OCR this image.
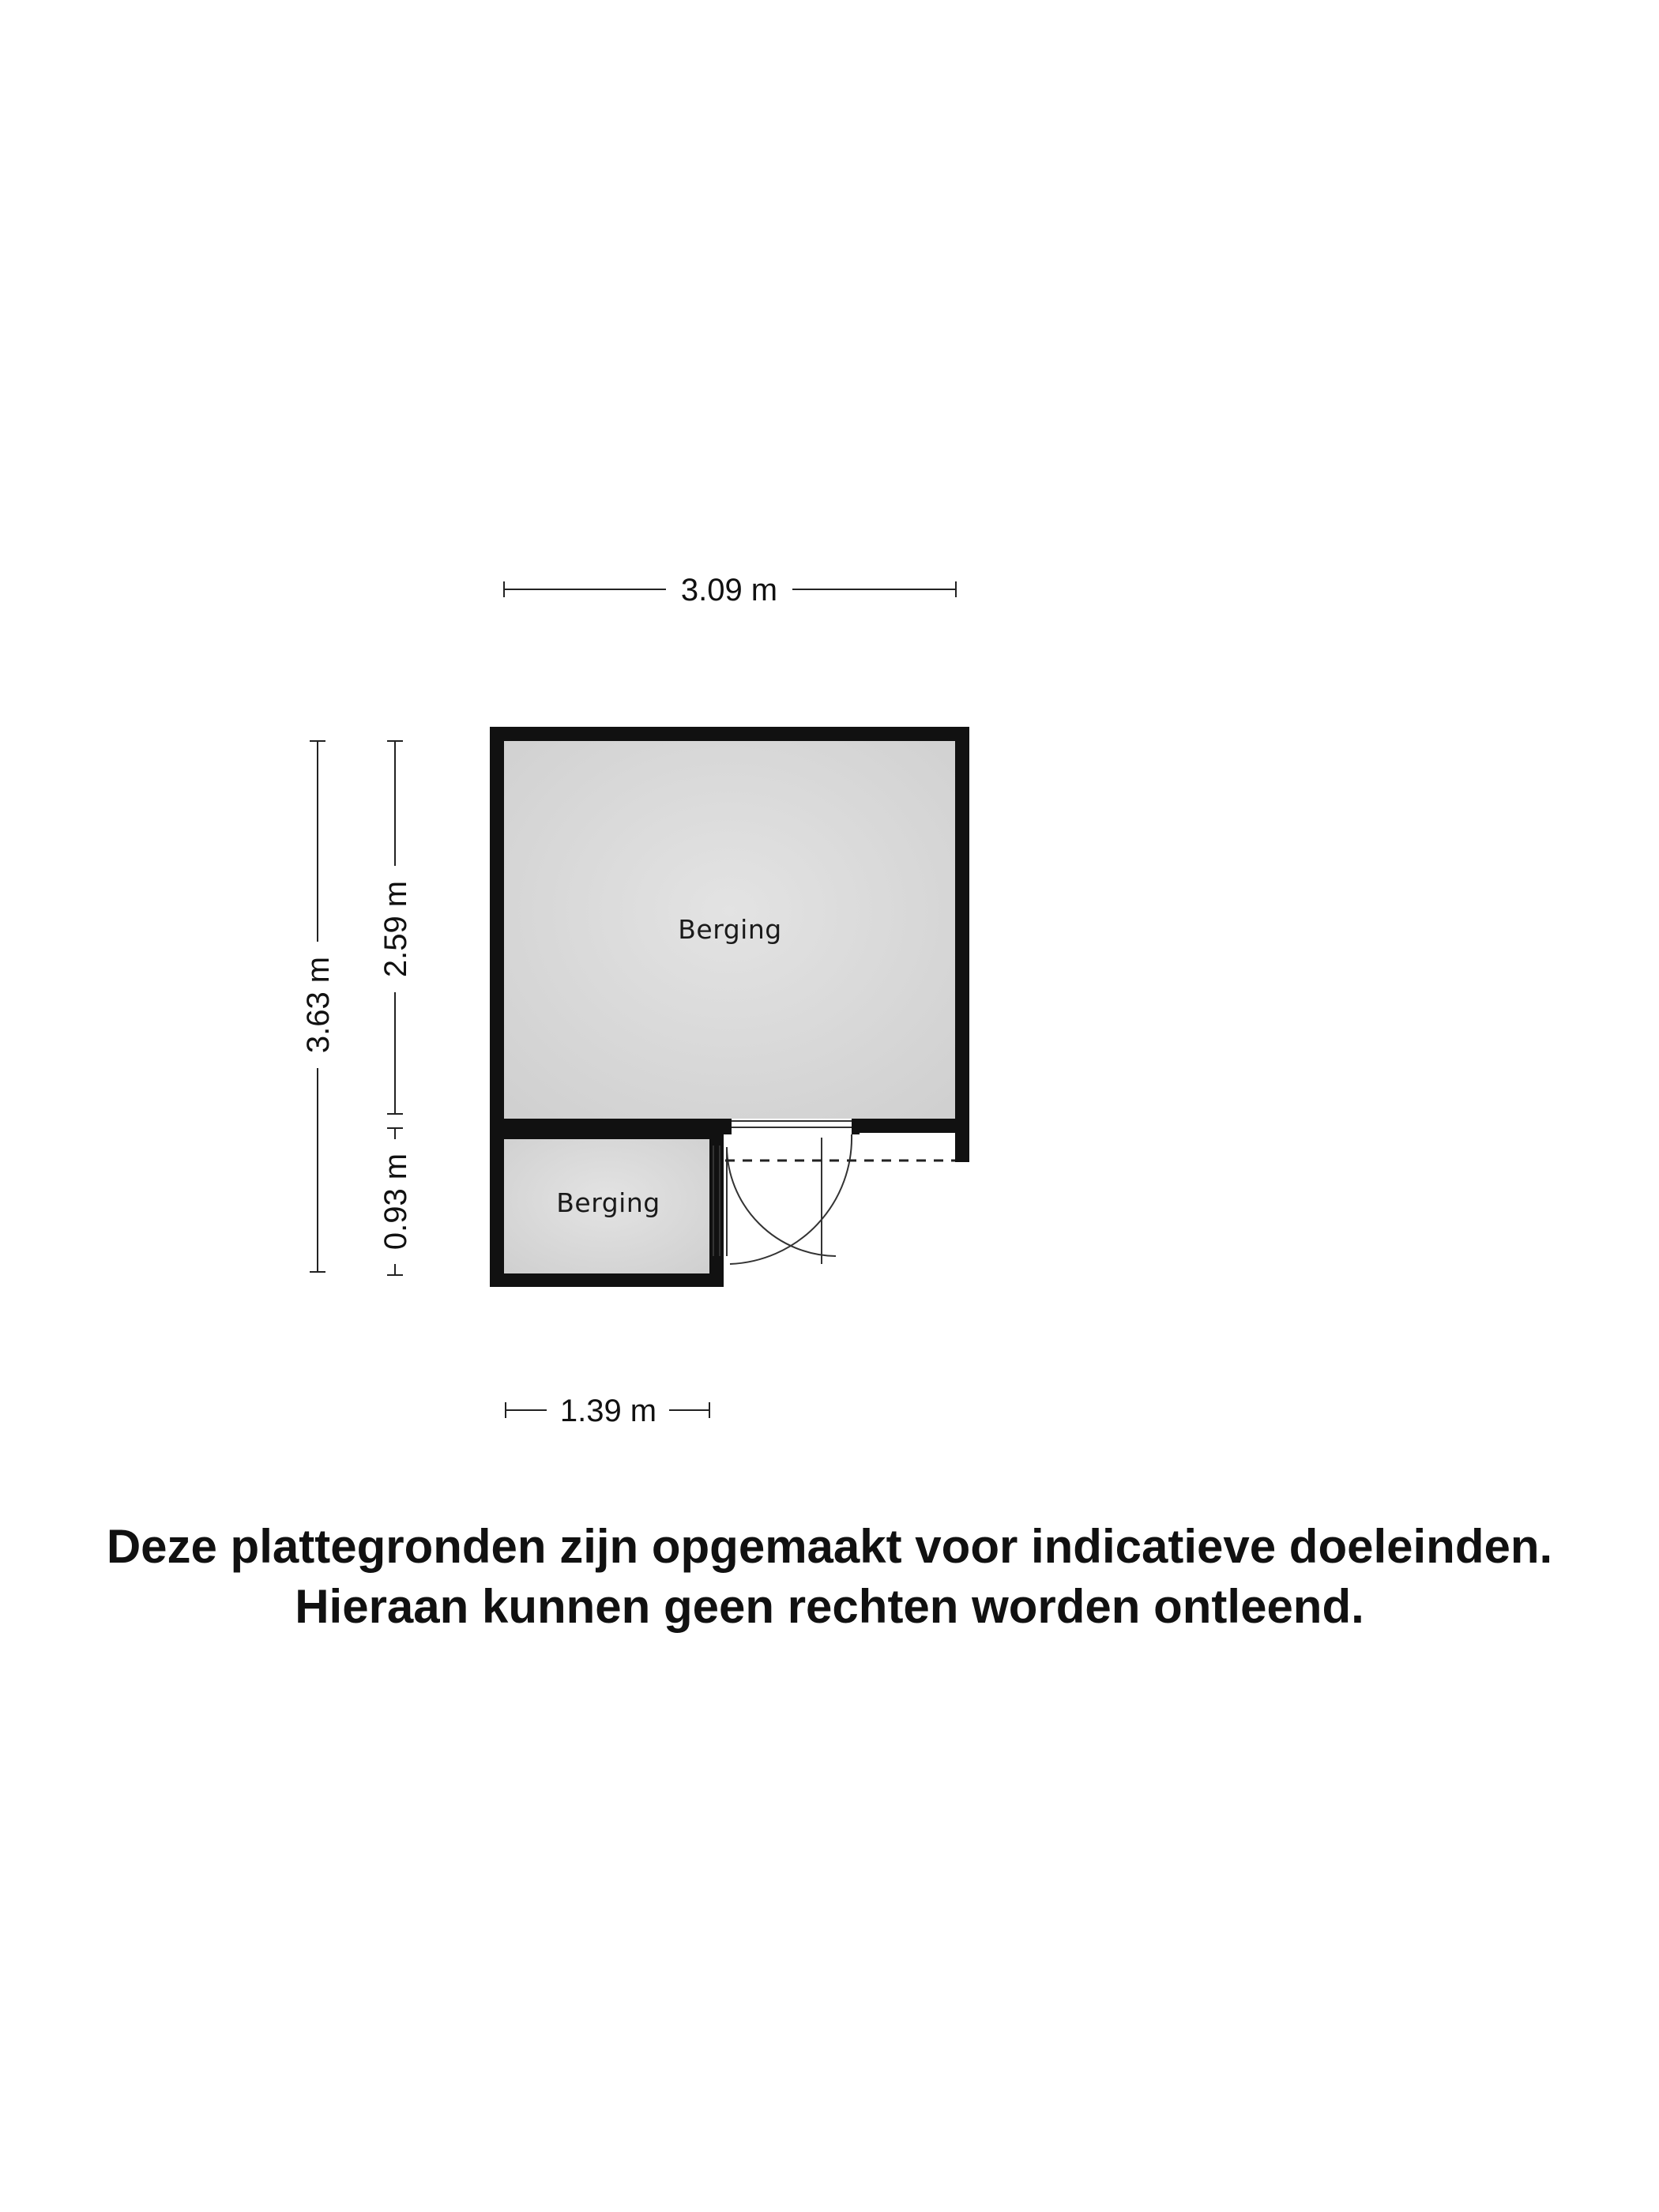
Berging
Berging
3.09 m
1.39 m
3.63 m
2.59 m
0.93 m
Deze plattegronden zijn opgemaakt voor indicatieve doeleinden.
Hieraan kunnen geen rechten worden ontleend.
